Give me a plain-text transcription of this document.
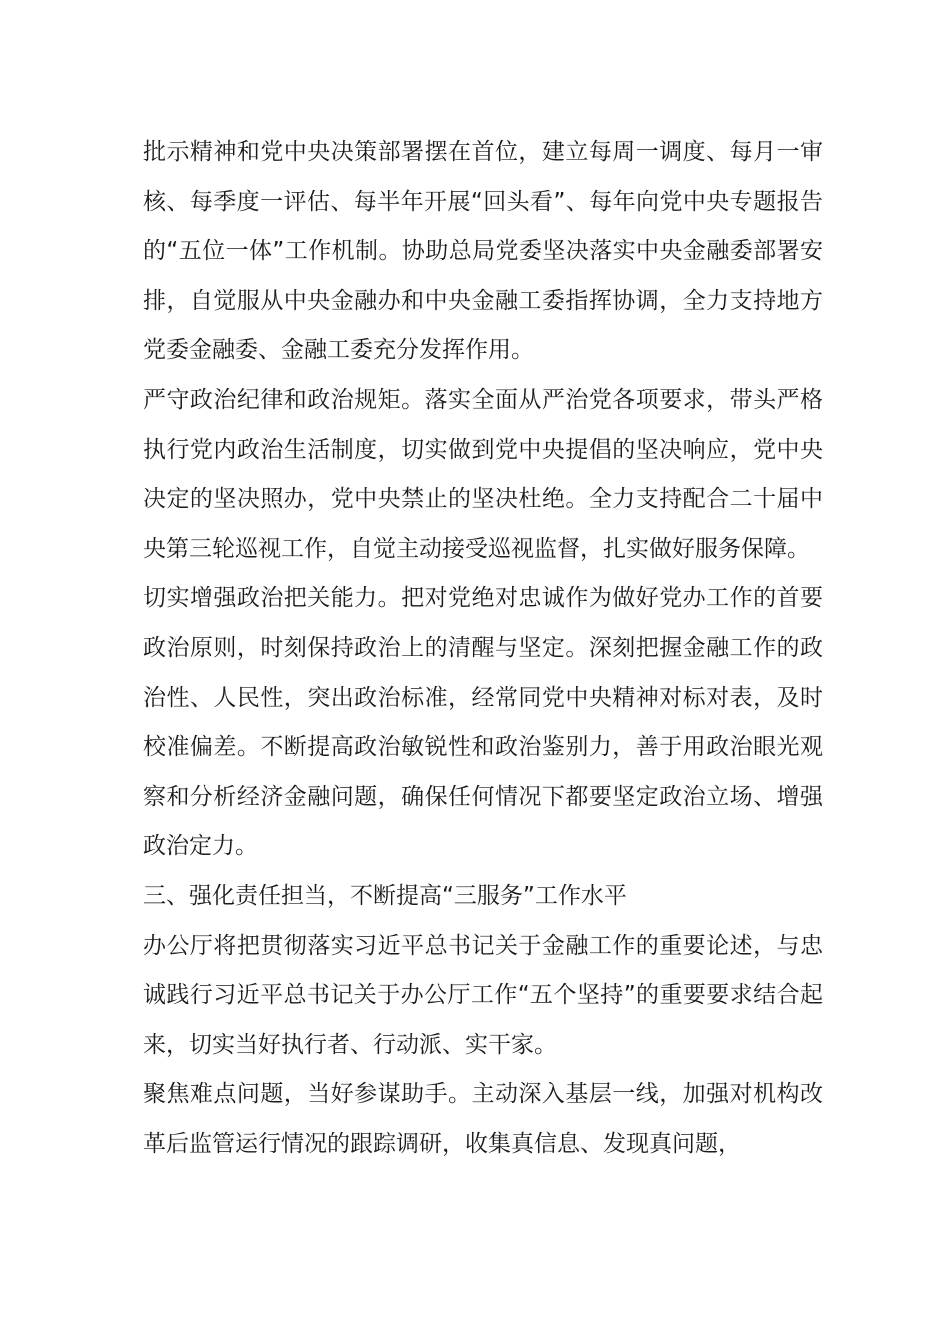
批示精神和党中央决策部署摆在首位，建立每周一调度、每月一审核、每季度一评估、每半年开展“回头看”、每年向党中央专题报告的“五位一体”工作机制。协助总局党委坚决落实中央金融委部署安排，自觉服从中央金融办和中央金融工委指挥协调，全力支持地方党委金融委、金融工委充分发挥作用。

严守政治纪律和政治规矩。落实全面从严治党各项要求，带头严格执行党内政治生活制度，切实做到党中央提倡的坚决响应，党中央决定的坚决照办，党中央禁止的坚决杜绝。全力支持配合二十届中央第三轮巡视工作，自觉主动接受巡视监督，扎实做好服务保障。

切实增强政治把关能力。把对党绝对忠诚作为做好党办工作的首要政治原则，时刻保持政治上的清醒与坚定。深刻把握金融工作的政治性、人民性，突出政治标准，经常同党中央精神对标对表，及时校准偏差。不断提高政治敏锐性和政治鉴别力，善于用政治眼光观察和分析经济金融问题，确保任何情况下都要坚定政治立场、增强政治定力。

三、强化责任担当，不断提高“三服务”工作水平

办公厅将把贯彻落实习近平总书记关于金融工作的重要论述，与忠诚践行习近平总书记关于办公厅工作“五个坚持”的重要要求结合起来，切实当好执行者、行动派、实干家。

聚焦难点问题，当好参谋助手。主动深入基层一线，加强对机构改革后监管运行情况的跟踪调研，收集真信息、发现真问题，
